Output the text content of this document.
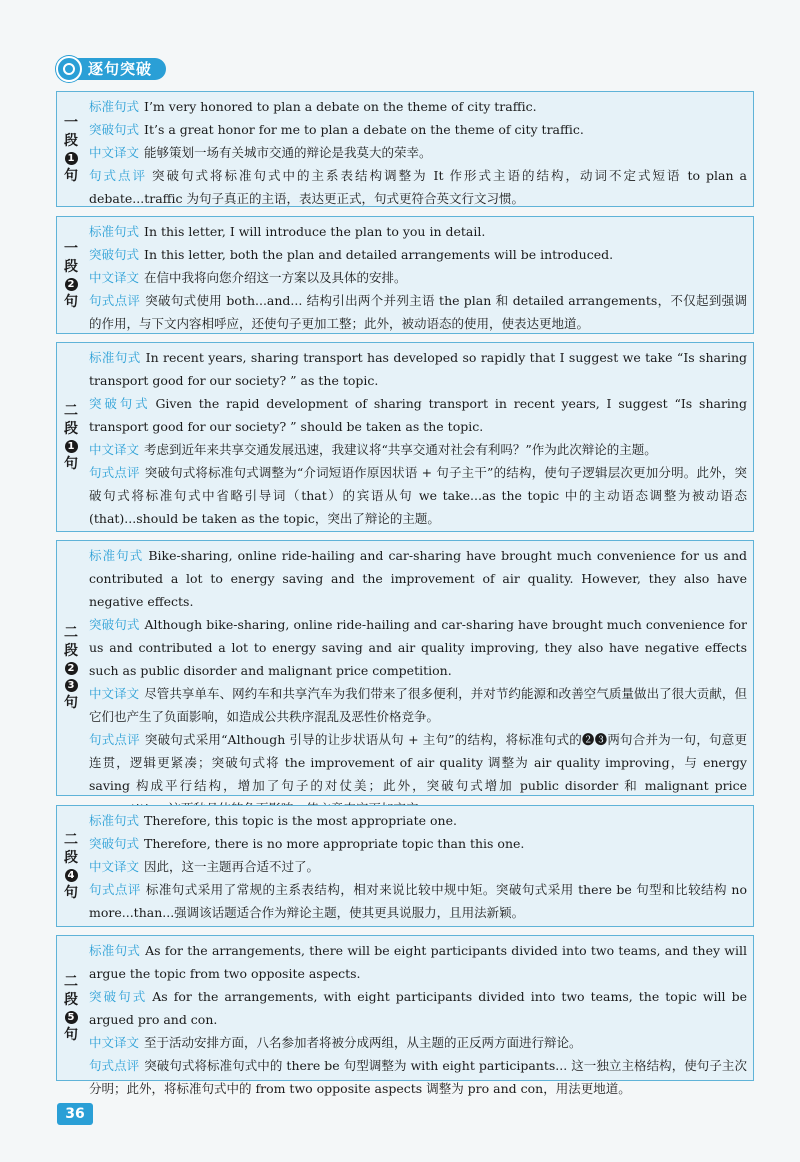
逐句突破
一
段
1
句
标准句式 I’m very honored to plan a debate on the theme of city traffic.
突破句式 It’s a great honor for me to plan a debate on the theme of city traffic.
中文译文 能够策划一场有关城市交通的辩论是我莫大的荣幸。
句式点评 突破句式将标准句式中的主系表结构调整为 It 作形式主语的结构，动词不定式短语 to plan a debate...traffic 为句子真正的主语，表达更正式，句式更符合英文行文习惯。
一
段
2
句
标准句式 In this letter, I will introduce the plan to you in detail.
突破句式 In this letter, both the plan and detailed arrangements will be introduced.
中文译文 在信中我将向您介绍这一方案以及具体的安排。
句式点评 突破句式使用 both...and... 结构引出两个并列主语 the plan 和 detailed arrangements，不仅起到强调的作用，与下文内容相呼应，还使句子更加工整；此外，被动语态的使用，使表达更地道。
二
段
1
句
标准句式 In recent years, sharing transport has developed so rapidly that I suggest we take “Is sharing transport good for our society? ” as the topic.
突破句式 Given the rapid development of sharing transport in recent years, I suggest “Is sharing transport good for our society? ” should be taken as the topic.
中文译文 考虑到近年来共享交通发展迅速，我建议将“共享交通对社会有利吗？”作为此次辩论的主题。
句式点评 突破句式将标准句式调整为“介词短语作原因状语 + 句子主干”的结构，使句子逻辑层次更加分明。此外，突破句式将标准句式中省略引导词（that）的宾语从句 we take...as the topic 中的主动语态调整为被动语态 (that)...should be taken as the topic，突出了辩论的主题。
二
段
2
3
句
标准句式 Bike-sharing, online ride-hailing and car-sharing have brought much convenience for us and contributed a lot to energy saving and the improvement of air quality. However, they also have negative effects.
突破句式 Although bike-sharing, online ride-hailing and car-sharing have brought much convenience for us and contributed a lot to energy saving and air quality improving, they also have negative effects such as public disorder and malignant price competition.
中文译文 尽管共享单车、网约车和共享汽车为我们带来了很多便利，并对节约能源和改善空气质量做出了很大贡献，但它们也产生了负面影响，如造成公共秩序混乱及恶性价格竞争。
句式点评 突破句式采用“Although 引导的让步状语从句 + 主句”的结构，将标准句式的❷❸两句合并为一句，句意更连贯，逻辑更紧凑；突破句式将 the improvement of air quality 调整为 air quality improving，与 energy saving 构成平行结构，增加了句子的对仗美；此外，突破句式增加 public disorder 和 malignant price
二
段
4
句
标准句式 Therefore, this topic is the most appropriate one.
突破句式 Therefore, there is no more appropriate topic than this one.
中文译文 因此，这一主题再合适不过了。
句式点评 标准句式采用了常规的主系表结构，相对来说比较中规中矩。突破句式采用 there be 句型和比较结构 no more...than...强调该话题适合作为辩论主题，使其更具说服力，且用法新颖。
二
段
5
句
标准句式 As for the arrangements, there will be eight participants divided into two teams, and they will argue the topic from two opposite aspects.
突破句式 As for the arrangements, with eight participants divided into two teams, the topic will be argued pro and con.
中文译文 至于活动安排方面，八名参加者将被分成两组，从主题的正反两方面进行辩论。
句式点评 突破句式将标准句式中的 there be 句型调整为 with eight participants... 这一独立主格结构，使句子主次分明；此外，将标准句式中的 from two opposite aspects 调整为 pro and con，用法更地道。
36
